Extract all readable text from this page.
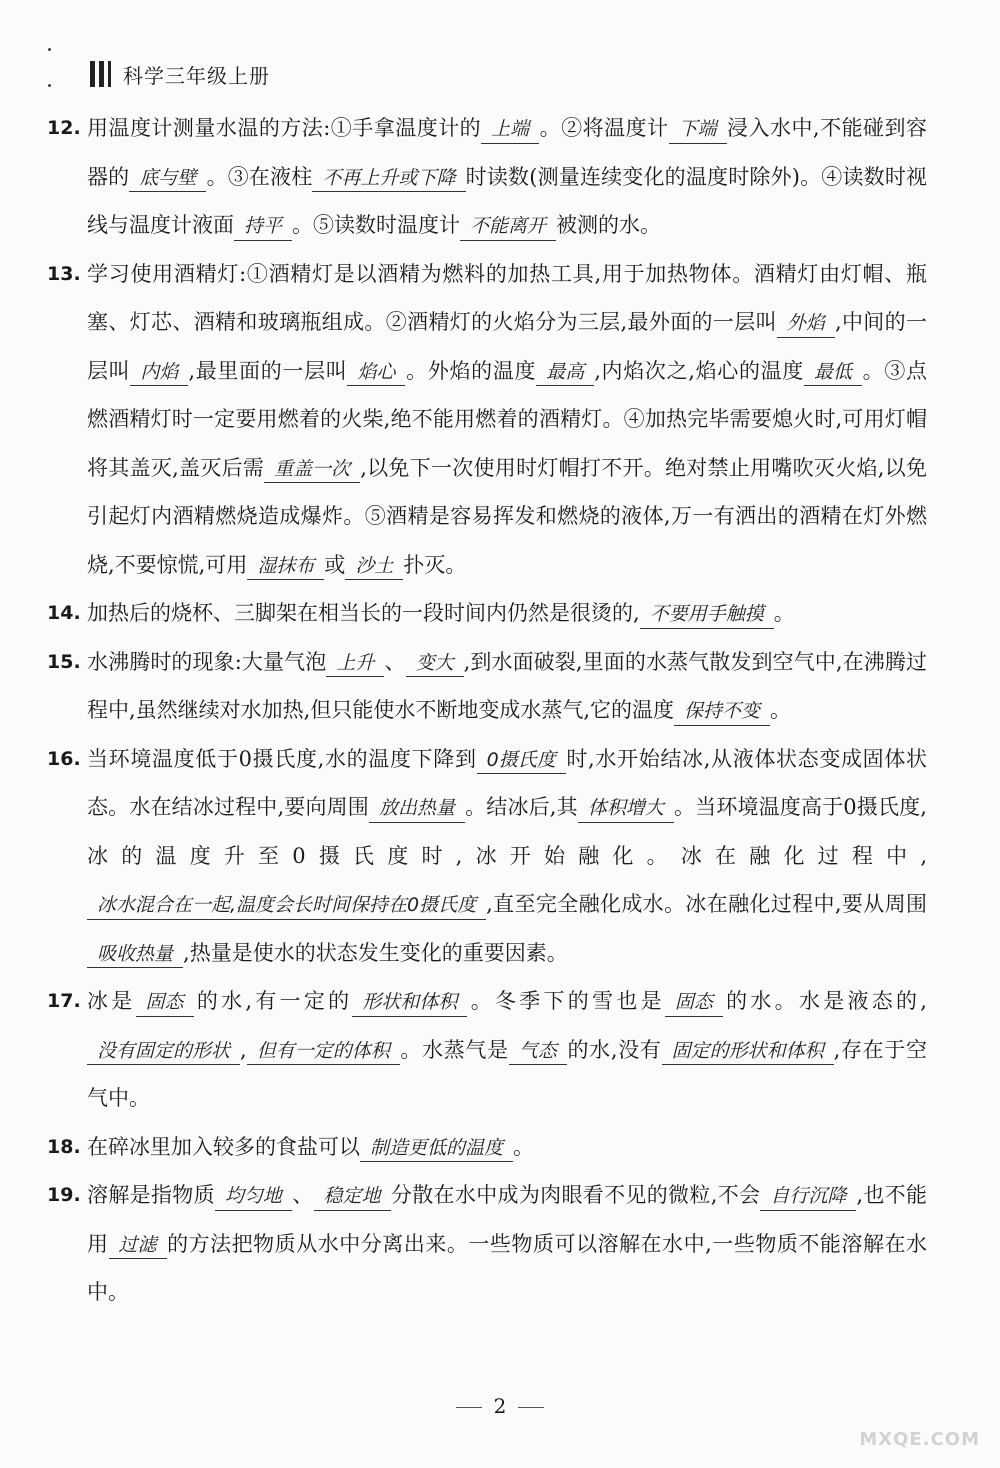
科学三年级上册
12. 用温度计测量水温的方法:①手拿温度计的 上端 。②将温度计 下端 浸入水中,不能碰到容器的 底与壁 。③在液柱 不再上升或下降 时读数(测量连续变化的温度时除外)。④读数时视线与温度计液面 持平 。⑤读数时温度计 不能离开 被测的水。

13. 学习使用酒精灯:①酒精灯是以酒精为燃料的加热工具,用于加热物体。酒精灯由灯帽、瓶塞、灯芯、酒精和玻璃瓶组成。②酒精灯的火焰分为三层,最外面的一层叫 外焰 ,中间的一层叫 内焰 ,最里面的一层叫 焰心 。外焰的温度 最高 ,内焰次之,焰心的温度 最低 。③点燃酒精灯时一定要用燃着的火柴,绝不能用燃着的酒精灯。④加热完毕需要熄火时,可用灯帽将其盖灭,盖灭后需 重盖一次 ,以免下一次使用时灯帽打不开。绝对禁止用嘴吹灭火焰,以免引起灯内酒精燃烧造成爆炸。⑤酒精是容易挥发和燃烧的液体,万一有洒出的酒精在灯外燃烧,不要惊慌,可用 湿抹布 或 沙土 扑灭。

14. 加热后的烧杯、三脚架在相当长的一段时间内仍然是很烫的, 不要用手触摸 。

15. 水沸腾时的现象:大量气泡 上升 、 变大 ,到水面破裂,里面的水蒸气散发到空气中,在沸腾过程中,虽然继续对水加热,但只能使水不断地变成水蒸气,它的温度 保持不变 。

16. 当环境温度低于0摄氏度,水的温度下降到 0摄氏度 时,水开始结冰,从液体状态变成固体状态。水在结冰过程中,要向周围 放出热量 。结冰后,其 体积增大 。当环境温度高于0摄氏度,冰的温度升至0摄氏度时,冰开始融化。冰在融化过程中,冰水混合在一起,温度会长时间保持在0摄氏度 ,直至完全融化成水。冰在融化过程中,要从周围吸收热量 ,热量是使水的状态发生变化的重要因素。

17. 冰是 固态 的水,有一定的 形状和体积 。冬季下的雪也是 固态 的水。水是液态的,没有固定的形状 , 但有一定的体积 。水蒸气是 气态 的水,没有 固定的形状和体积 ,存在于空气中。

18. 在碎冰里加入较多的食盐可以 制造更低的温度 。

19. 溶解是指物质 均匀地 、 稳定地 分散在水中成为肉眼看不见的微粒,不会 自行沉降 ,也不能用 过滤 的方法把物质从水中分离出来。一些物质可以溶解在水中,一些物质不能溶解在水中。

2
MXQE.COM
